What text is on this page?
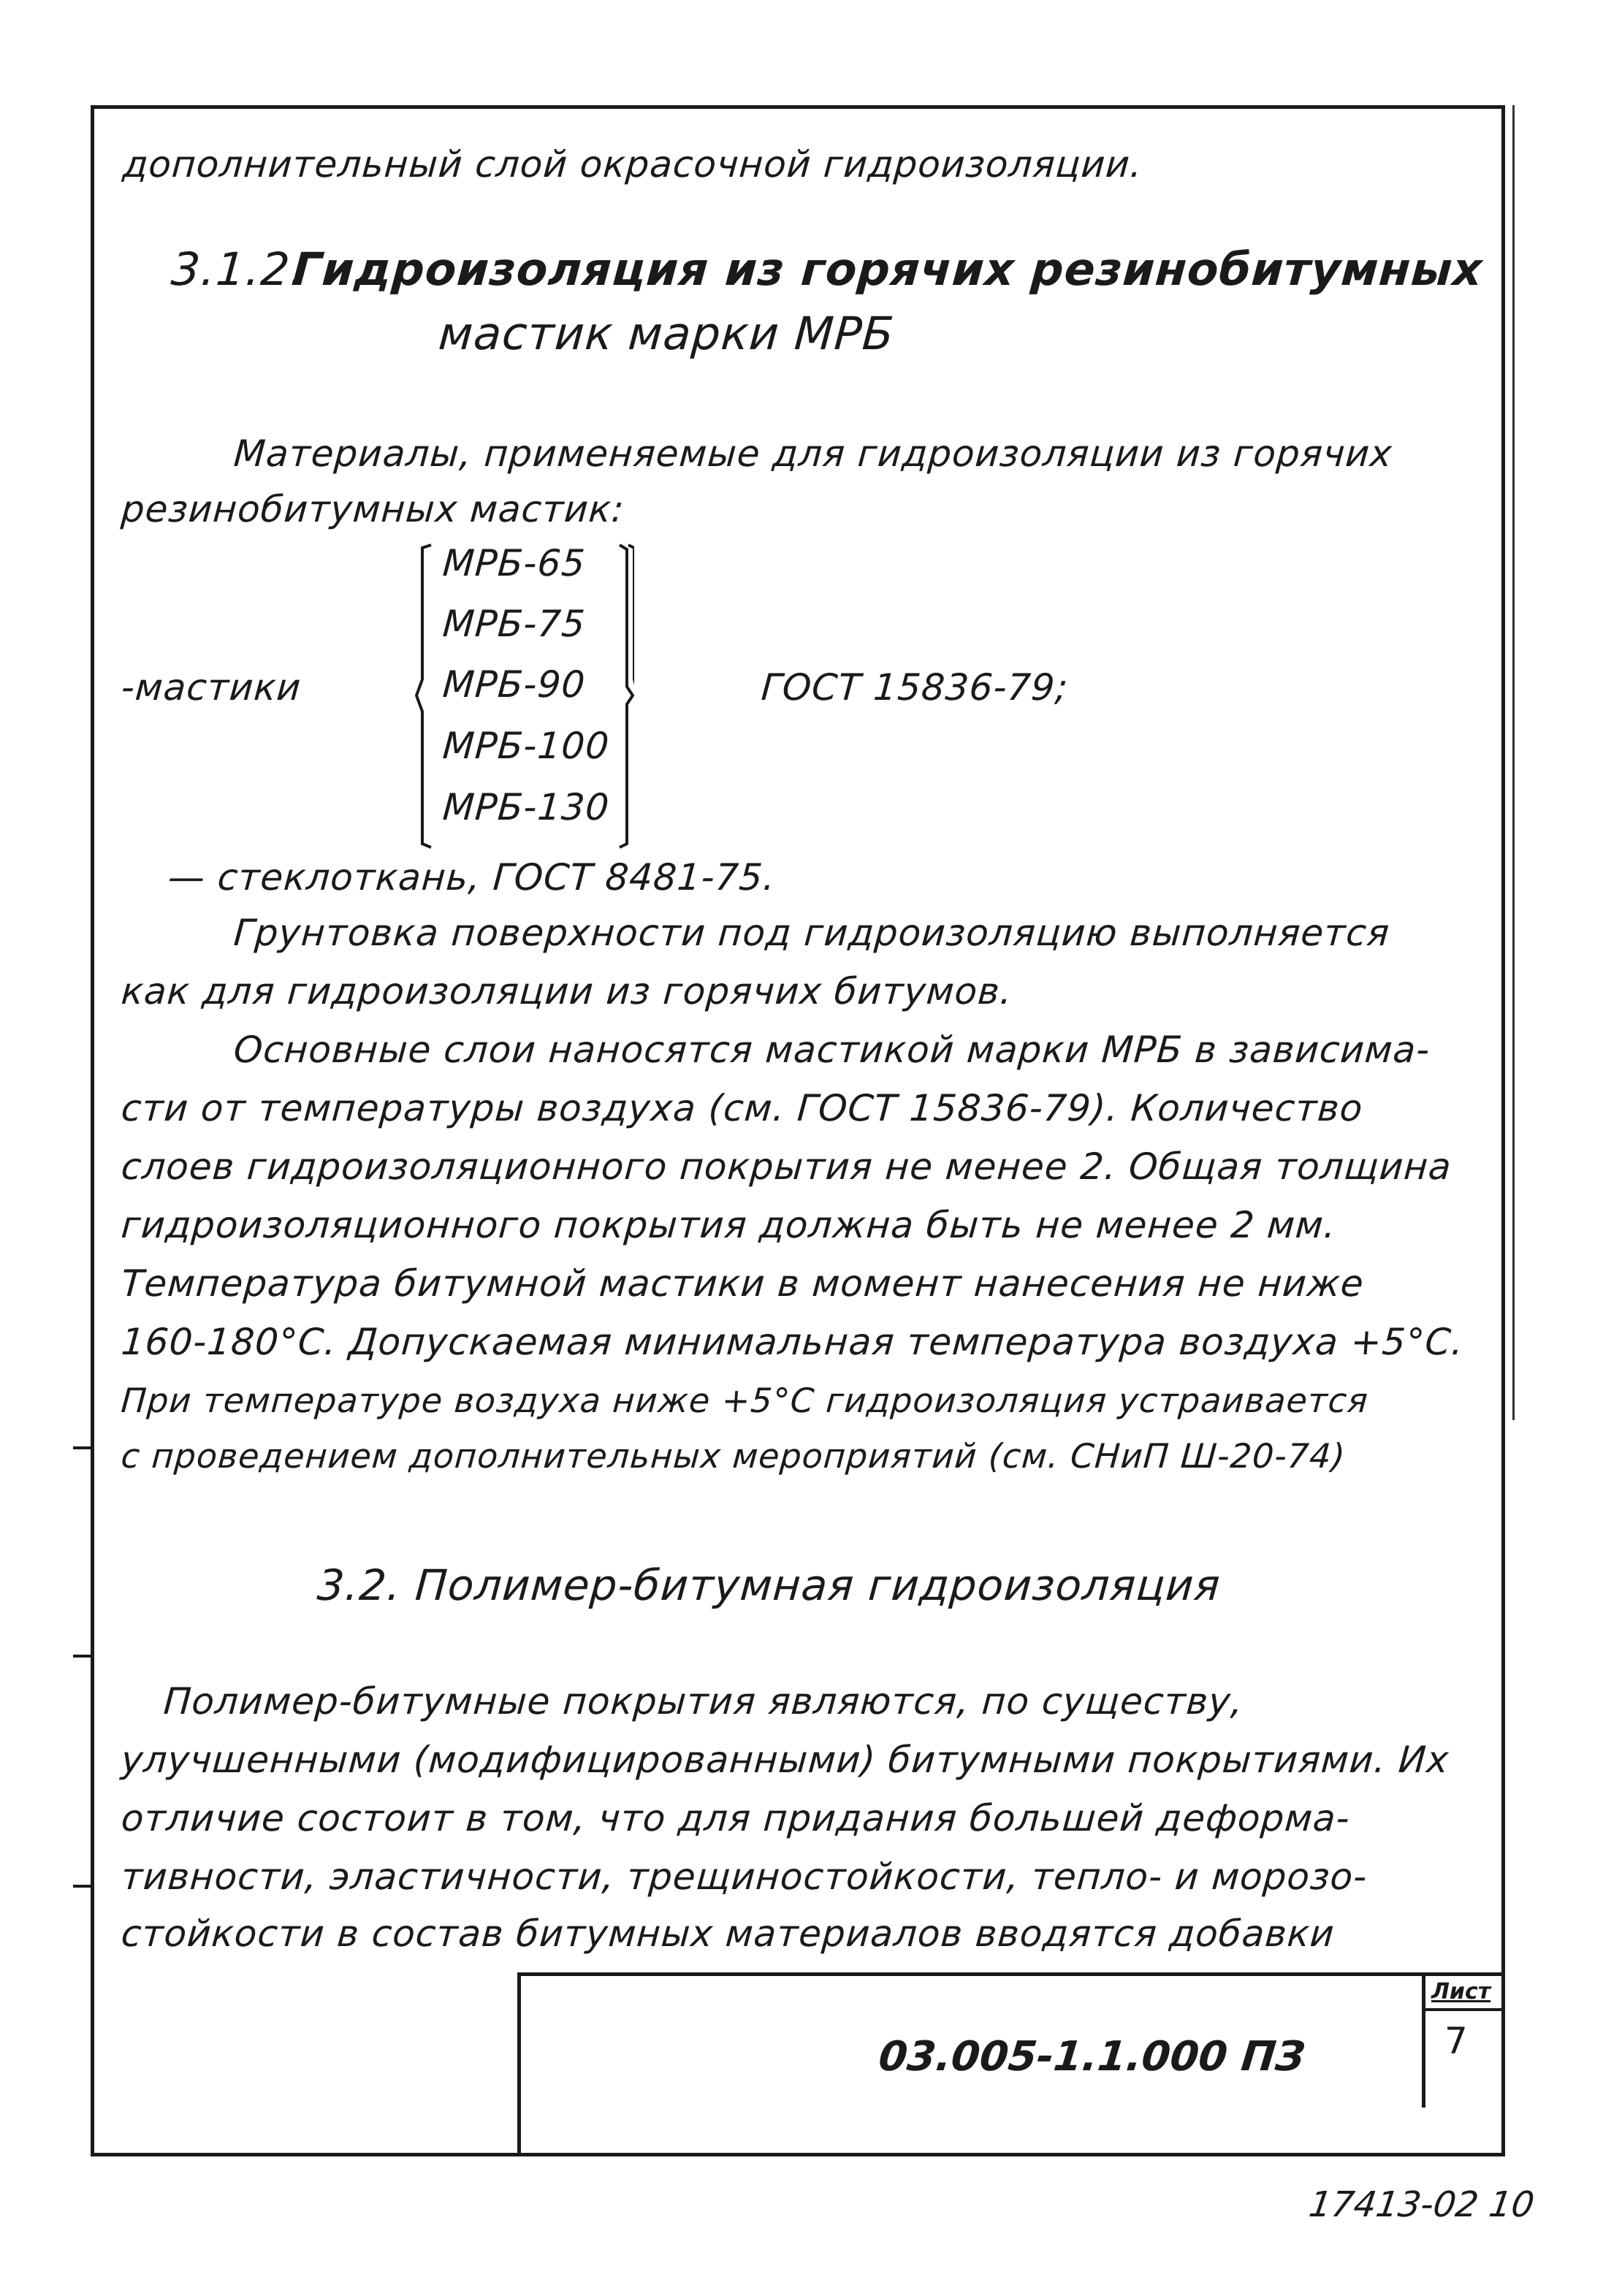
дополнительный слой окрасочной гидроизоляции.
3.1.2.
Гидроизоляция из горячих резинобитумных
мастик марки МРБ
Материалы, применяемые для гидроизоляции из горячих
резинобитумных мастик:
МРБ-65
МРБ-75
МРБ-90
МРБ-100
МРБ-130
-мастики	ГОСТ 15836-79;
— стеклоткань, ГОСТ 8481-75.
Грунтовка поверхности под гидроизоляцию выполняется
как для гидроизоляции из горячих битумов.
Основные слои наносятся мастикой марки МРБ в зависима-
сти от температуры воздуха (см. ГОСТ 15836-79). Количество
слоев гидроизоляционного покрытия не менее 2. Общая толщина
гидроизоляционного покрытия должна быть не менее 2 мм.
Температура битумной мастики в момент нанесения не ниже
160-180°С. Допускаемая минимальная температура воздуха +5°С.
При температуре воздуха ниже +5°С гидроизоляция устраивается
с проведением дополнительных мероприятий (см. СНиП Ш-20-74)
3.2. Полимер-битумная гидроизоляция
Полимер-битумные покрытия являются, по существу,
улучшенными (модифицированными) битумными покрытиями. Их
отличие состоит в том, что для придания большей деформа-
тивности, эластичности, трещиностойкости, тепло- и морозо-
стойкости в состав битумных материалов вводятся добавки
03.005-1.1.000 ПЗ
Лист
7
17413-02 10
